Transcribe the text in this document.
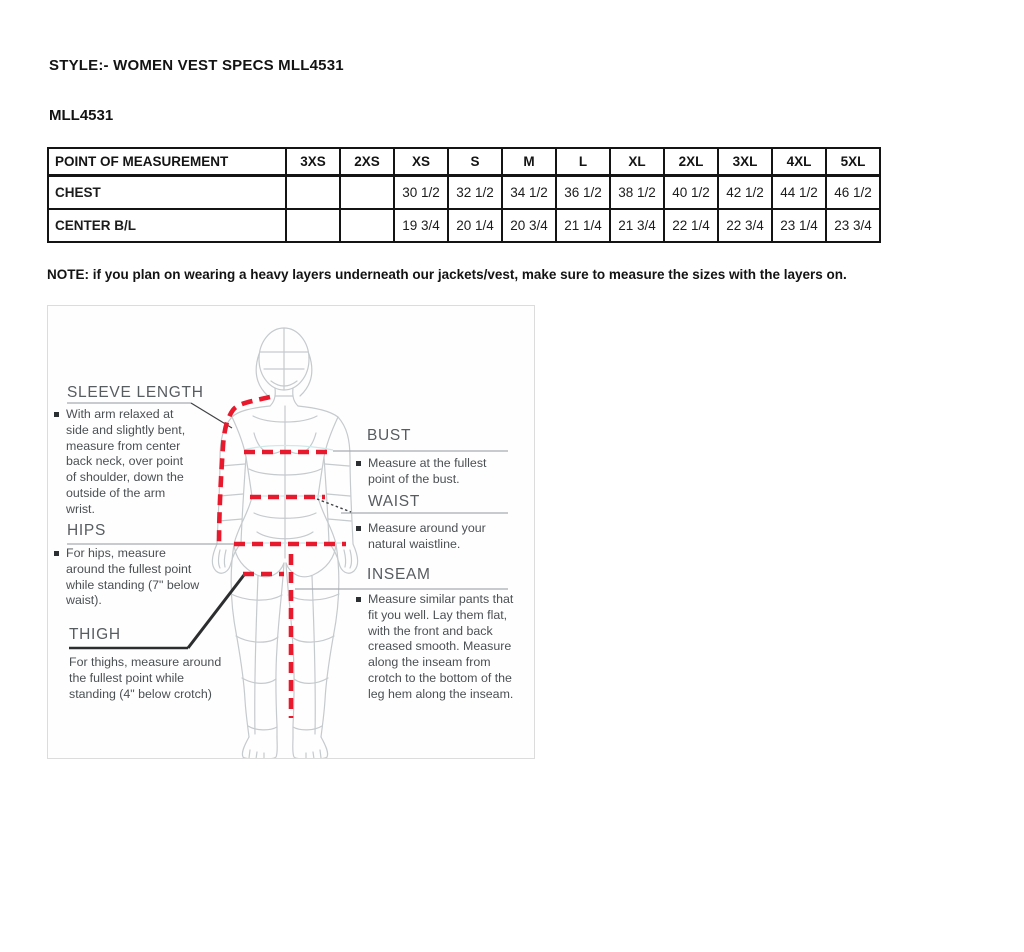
STYLE:- WOMEN VEST SPECS MLL4531
MLL4531
POINT OF MEASUREMENT	3XS	2XS	XS	S	M	L	XL	2XL	3XL	4XL	5XL
CHEST			30 1/2	32 1/2	34 1/2	36 1/2	38 1/2	40 1/2	42 1/2	44 1/2	46 1/2
CENTER B/L			19 3/4	20 1/4	20 3/4	21 1/4	21 3/4	22 1/4	22 3/4	23 1/4	23 3/4
NOTE: if you plan on wearing a heavy layers underneath our jackets/vest, make sure to measure the sizes with the layers on.
SLEEVE LENGTH

With arm relaxed at side and slightly bent, measure from center back neck, over point of shoulder, down the outside of the arm wrist.

HIPS

For hips, measure around the fullest point while standing (7" below waist).

THIGH

For thighs, measure around the fullest point while standing (4" below crotch)

BUST

Measure at the fullest point of the bust.

WAIST

Measure around your natural waistline.

INSEAM

Measure similar pants that fit you well. Lay them flat, with the front and back creased smooth. Measure along the inseam from crotch to the bottom of the leg hem along the inseam.
